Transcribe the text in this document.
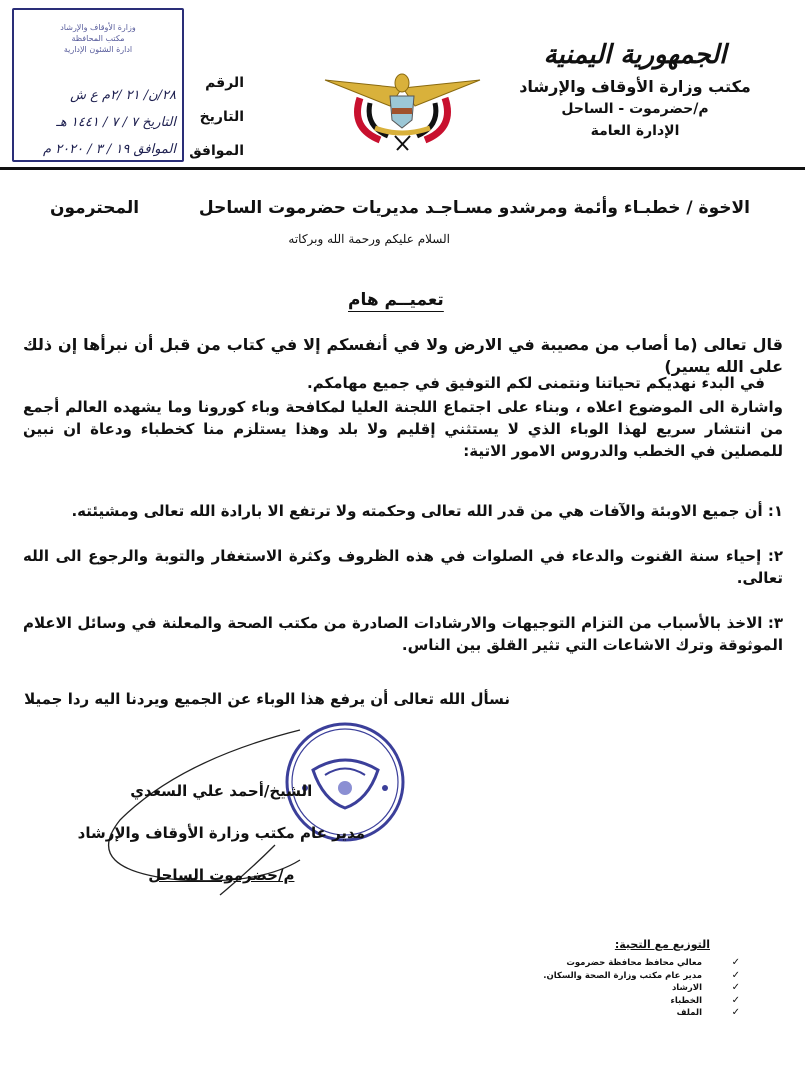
الجمهورية اليمنية
مكتب وزارة الأوقاف والإرشاد
م/حضرموت - الساحل
الإدارة العامة
وزارة الأوقاف والإرشاد
مكتب المحافظة
ادارة الشئون الإدارية
٢٨/ن/ ٢١ /٢م ع ش
التاريخ ٧ / ٧ / ١٤٤١ هـ
الموافق ١٩ / ٣ / ٢٠٢٠ م
الرقم
التاريخ
الموافق
الاخوة / خطبـاء وأئمة ومرشدو مسـاجـد مديريات حضرموت الساحل
المحترمون
السلام عليكم ورحمة الله وبركاته
تعميــم هام
قال تعالى (ما أصاب من مصيبة في الارض ولا في أنفسكم إلا في كتاب من قبل أن نبرأها إن ذلك على الله يسير)
في البدء نهديكم تحياتنا ونتمنى لكم التوفيق في جميع مهامكم.
واشارة الى الموضوع اعلاه ، وبناء على اجتماع اللجنة العليا لمكافحة وباء كورونا وما يشهده العالم أجمع من انتشار سريع لهذا الوباء الذي لا يستثني إقليم ولا بلد وهذا يستلزم منا كخطباء ودعاة ان نبين للمصلين في الخطب والدروس الامور الاتية:
١: أن جميع الاوبئة والآفات هي من قدر الله تعالى وحكمته ولا ترتفع الا بارادة الله تعالى ومشيئته.
٢: إحياء سنة القنوت والدعاء في الصلوات في هذه الظروف وكثرة الاستغفار والتوبة والرجوع الى الله تعالى.
٣: الاخذ بالأسباب من التزام التوجيهات والارشادات الصادرة من مكتب الصحة والمعلنة في وسائل الاعلام الموثوقة وترك الاشاعات التي تثير القلق بين الناس.
نسأل الله تعالى أن يرفع هذا الوباء عن الجميع ويردنا اليه ردا جميلا
الشيخ/أحمد علي السعدي
مدير عام مكتب وزارة الأوقاف والإرشاد
م/حضرموت الساحل
التوزيع مع التحية:
✓
معالي محافظ محافظة حضرموت
✓
مدير عام مكتب وزارة الصحة والسكان.
✓
الارشاد
✓
الخطباء
✓
الملف
